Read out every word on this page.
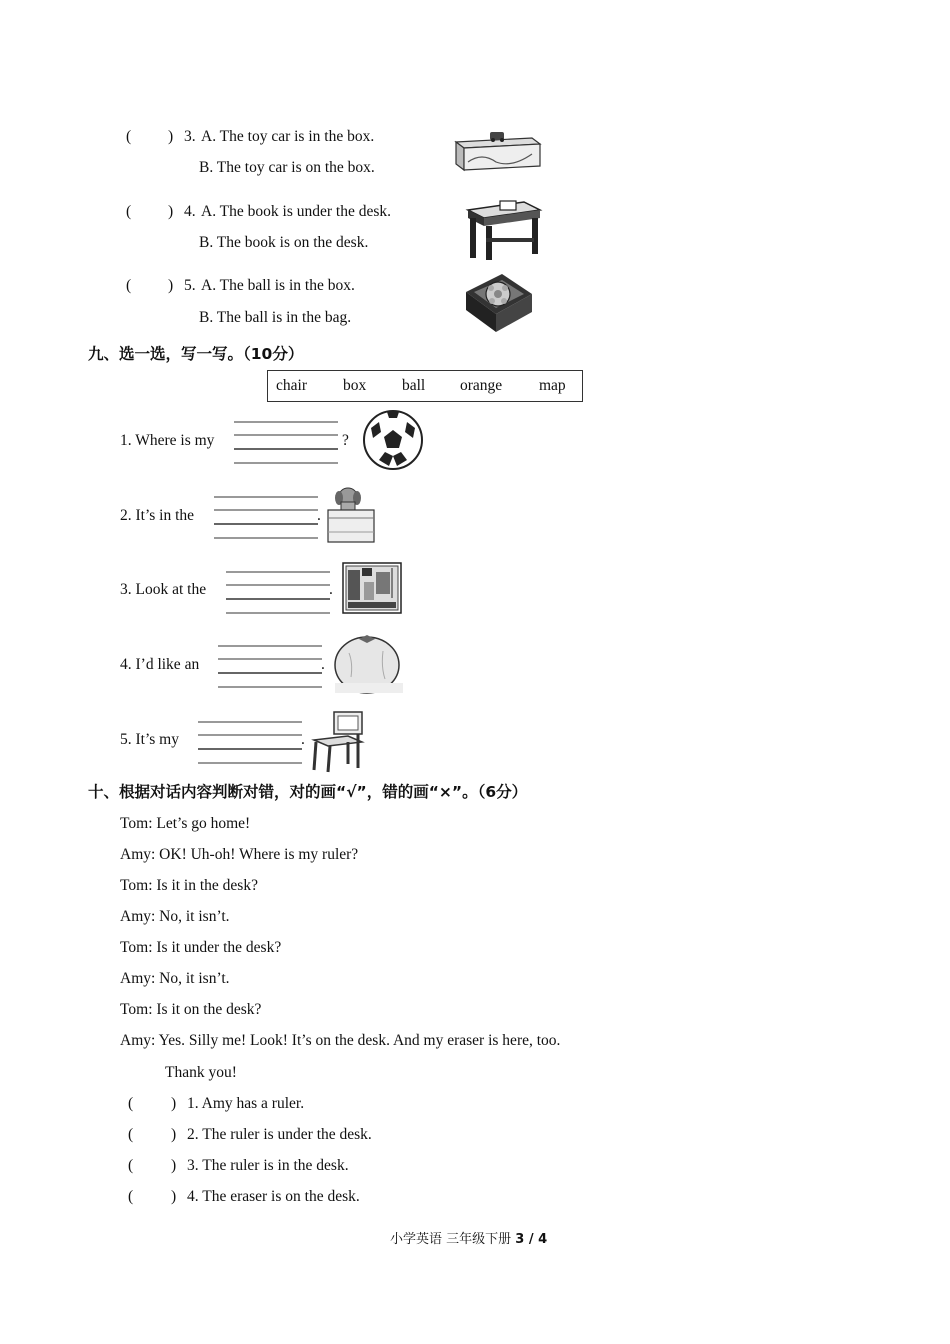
( ) 3. A. The toy car is in the box.
B. The toy car is on the box.
( ) 4. A. The book is under the desk.
B. The book is on the desk.
( ) 5. A. The ball is in the box.
B. The ball is in the bag.
九、选一选，写一写。（10分）
chair box ball orange map
1. Where is my	?
2. It’s in the	.
3. Look at the	.
4. I’d like an	.
5. It’s my	.
十、根据对话内容判断对错，对的画“√”，错的画“×”。（6分）
Tom: Let’s go home!
Amy: OK! Uh-oh! Where is my ruler?
Tom: Is it in the desk?
Amy: No, it isn’t.
Tom: Is it under the desk?
Amy: No, it isn’t.
Tom: Is it on the desk?
Amy: Yes. Silly me! Look! It’s on the desk. And my eraser is here, too.
Thank you!
( ) 1. Amy has a ruler.
( ) 2. The ruler is under the desk.
( ) 3. The ruler is in the desk.
( ) 4. The eraser is on the desk.
小学英语 三年级下册 3 / 4
